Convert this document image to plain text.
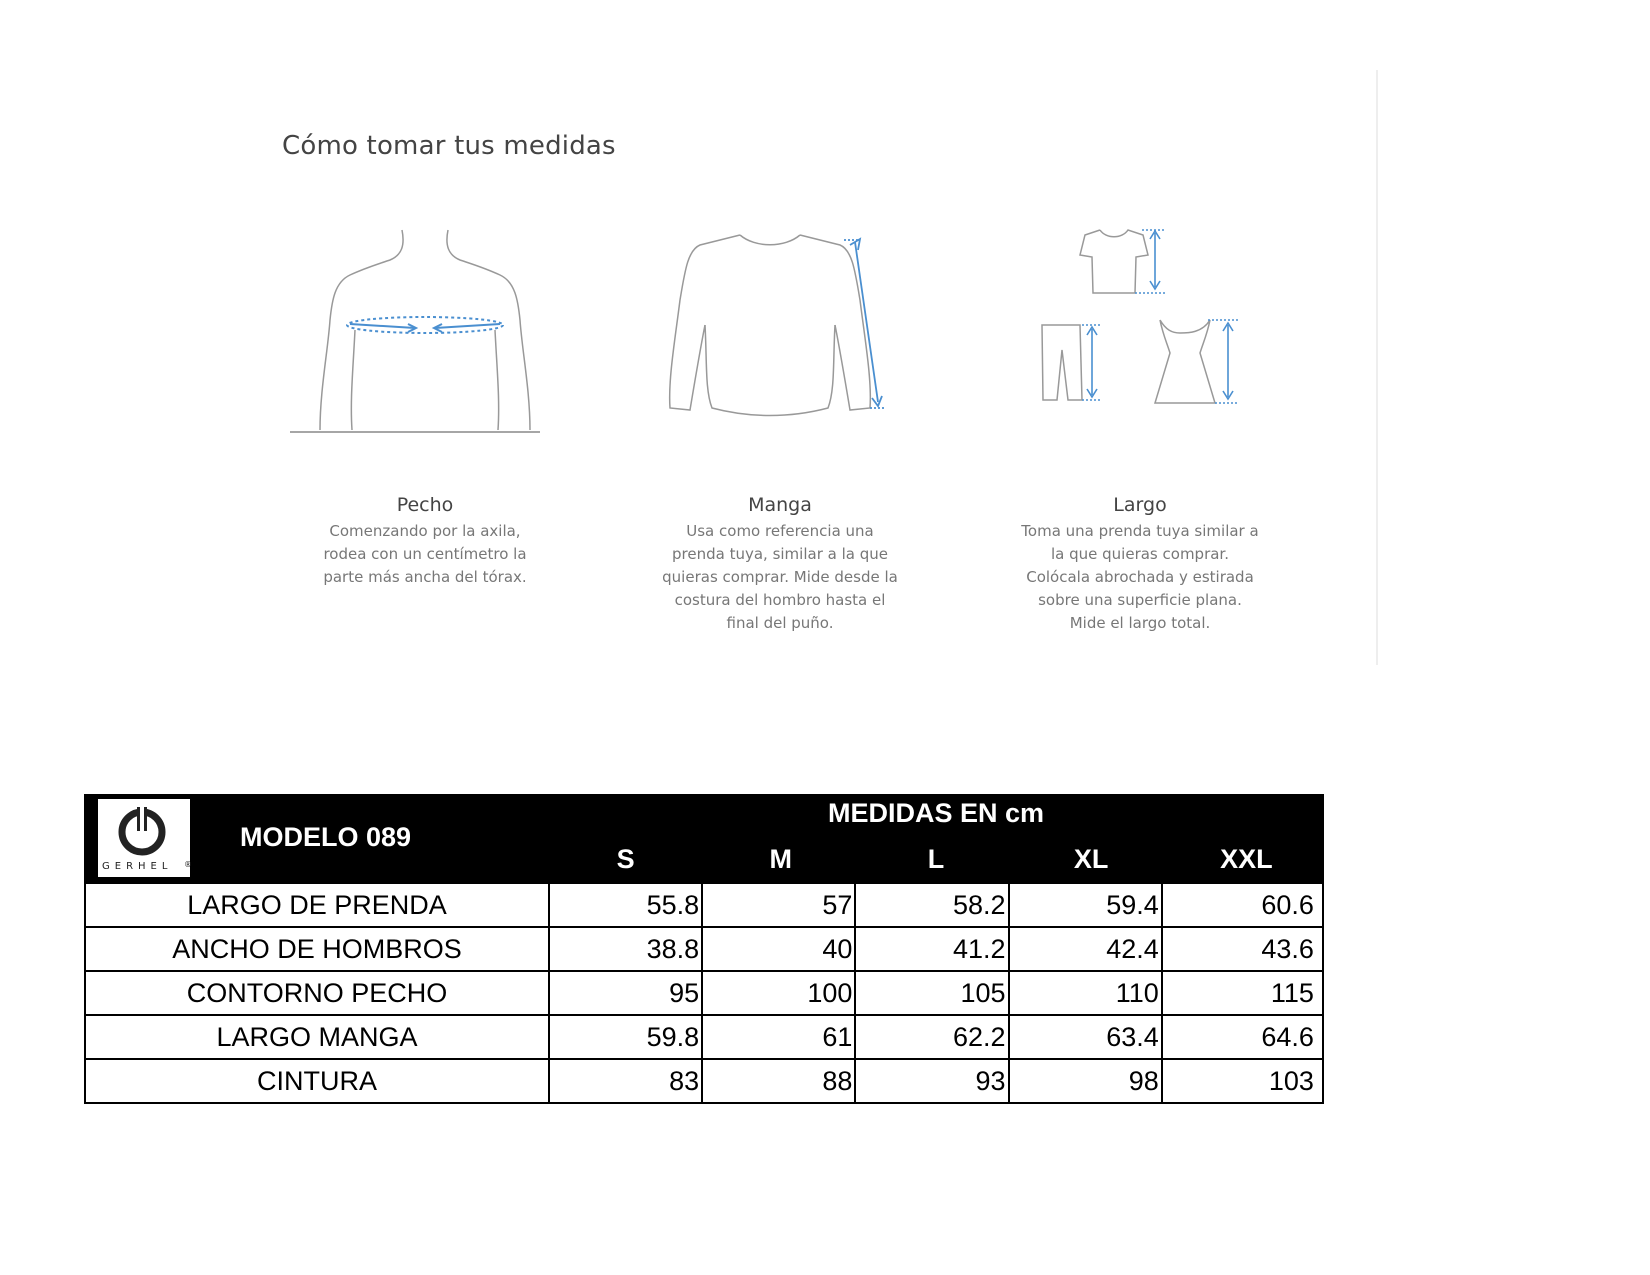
Cómo tomar tus medidas
Pecho
Comenzando por la axila,
rodea con un centímetro la
parte más ancha del tórax.
Manga
Usa como referencia una
prenda tuya, similar a la que
quieras comprar. Mide desde la
costura del hombro hasta el
final del puño.
Largo
Toma una prenda tuya similar a
la que quieras comprar.
Colócala abrochada y estirada
sobre una superficie plana.
Mide el largo total.
®
GERHEL
MODELO 089
MEDIDAS EN cm
S	M	L	XL	XXL
LARGO DE PRENDA	55.8	57	58.2	59.4	60.6
ANCHO DE HOMBROS	38.8	40	41.2	42.4	43.6
CONTORNO PECHO	95	100	105	110	115
LARGO MANGA	59.8	61	62.2	63.4	64.6
CINTURA	83	88	93	98	103
